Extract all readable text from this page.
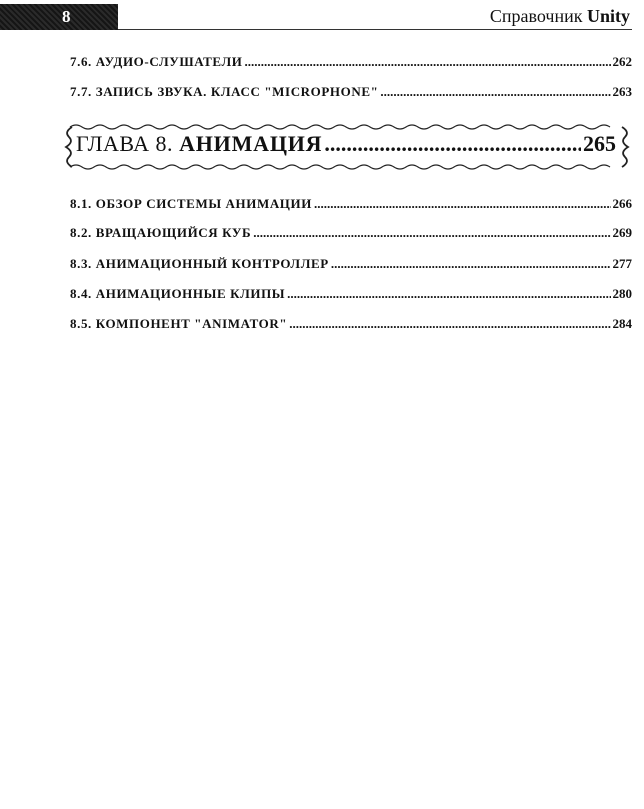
8	Справочник Unity
7.6. АУДИО-СЛУШАТЕЛИ .....	262
7.7. ЗАПИСЬ ЗВУКА. КЛАСС "MICROPHONE" .....	263
ГЛАВА 8. АНИМАЦИЯ .....	265
8.1. ОБЗОР СИСТЕМЫ АНИМАЦИИ .....	266
8.2. ВРАЩАЮЩИЙСЯ КУБ .....	269
8.3. АНИМАЦИОННЫЙ КОНТРОЛЛЕР .....	277
8.4. АНИМАЦИОННЫЕ КЛИПЫ .....	280
8.5. КОМПОНЕНТ "ANIMATOR" .....	284
